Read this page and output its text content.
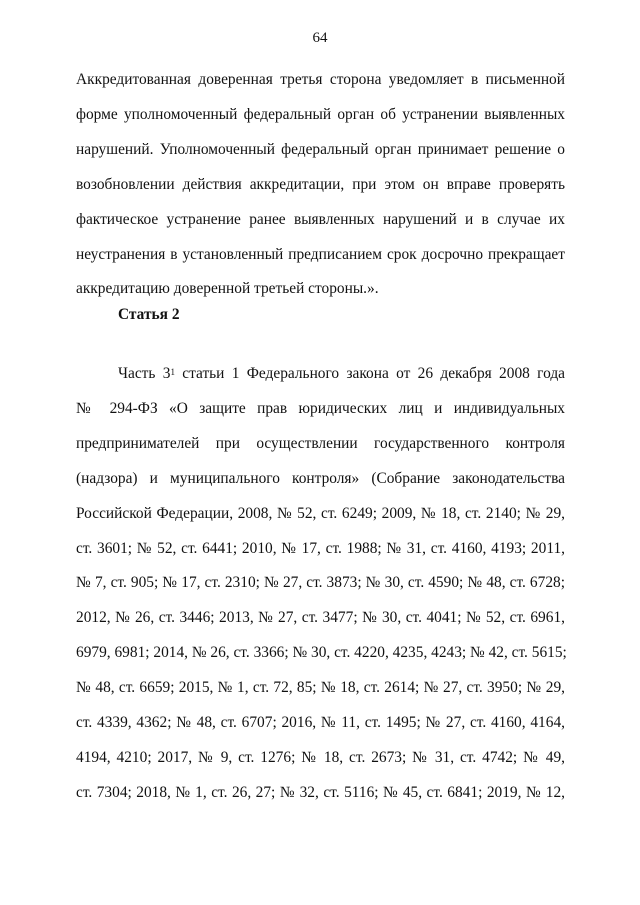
64
Аккредитованная доверенная третья сторона уведомляет в письменной
форме уполномоченный федеральный орган об устранении выявленных
нарушений. Уполномоченный федеральный орган принимает решение о
возобновлении действия аккредитации, при этом он вправе проверять
фактическое устранение ранее выявленных нарушений и в случае их
неустранения в установленный предписанием срок досрочно прекращает
аккредитацию доверенной третьей стороны.».
Статья 2
Часть $3^1$ статьи 1 Федерального закона от 26 декабря 2008 года
№ 294-ФЗ «О защите прав юридических лиц и индивидуальных
предпринимателей при осуществлении государственного контроля
(надзора) и муниципального контроля» (Собрание законодательства
Российской Федерации, 2008, № 52, ст. 6249; 2009, № 18, ст. 2140; № 29,
ст. 3601; № 52, ст. 6441; 2010, № 17, ст. 1988; № 31, ст. 4160, 4193; 2011,
№ 7, ст. 905; № 17, ст. 2310; № 27, ст. 3873; № 30, ст. 4590; № 48, ст. 6728;
2012, № 26, ст. 3446; 2013, № 27, ст. 3477; № 30, ст. 4041; № 52, ст. 6961,
6979, 6981; 2014, № 26, ст. 3366; № 30, ст. 4220, 4235, 4243; № 42, ст. 5615;
№ 48, ст. 6659; 2015, № 1, ст. 72, 85; № 18, ст. 2614; № 27, ст. 3950; № 29,
ст. 4339, 4362; № 48, ст. 6707; 2016, № 11, ст. 1495; № 27, ст. 4160, 4164,
4194, 4210; 2017, № 9, ст. 1276; № 18, ст. 2673; № 31, ст. 4742; № 49,
ст. 7304; 2018, № 1, ст. 26, 27; № 32, ст. 5116; № 45, ст. 6841; 2019, № 12,
